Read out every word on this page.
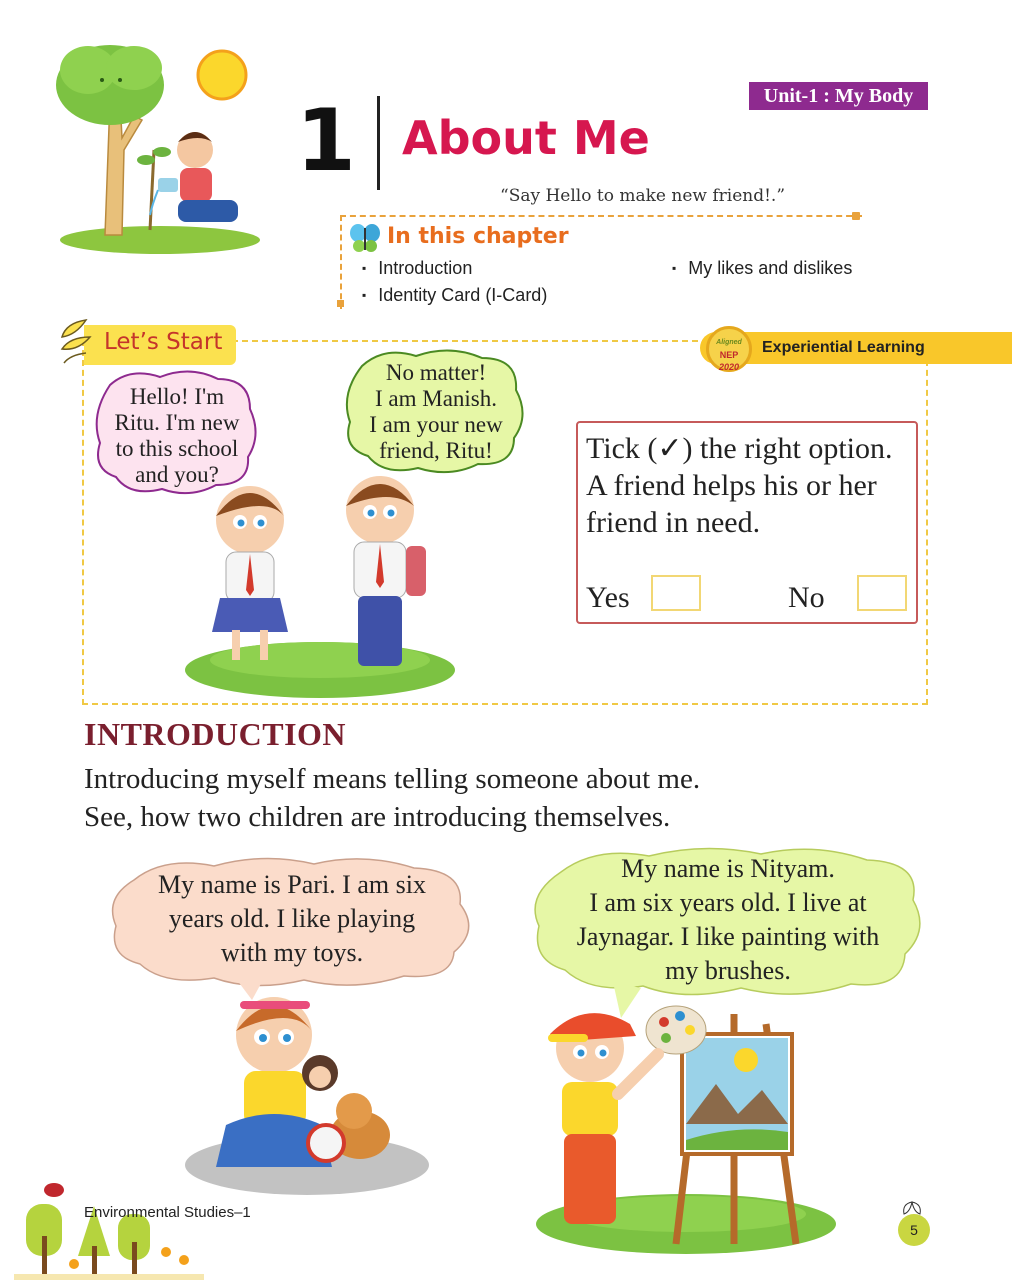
Unit-1 : My Body
1 About Me
“Say Hello to make new friend!.”
In this chapter
▪ Introduction
▪ Identity Card (I-Card)
▪ My likes and dislikes
Let’s Start	Aligned
NEP
2020
Experiential Learning
Hello! I'm
Ritu. I'm new
to this school
and you?
No matter!
I am Manish.
I am your new
friend, Ritu!	Tick (✓) the right option.
A friend helps his or her
friend in need.
Yes	No
INTRODUCTION
Introducing myself means telling someone about me.
See, how two children are introducing themselves.
My name is Pari. I am six
years old. I like playing
with my toys.
My name is Nityam.
I am six years old. I live at
Jaynagar. I like painting with
my brushes.
Environmental Studies–1
5
